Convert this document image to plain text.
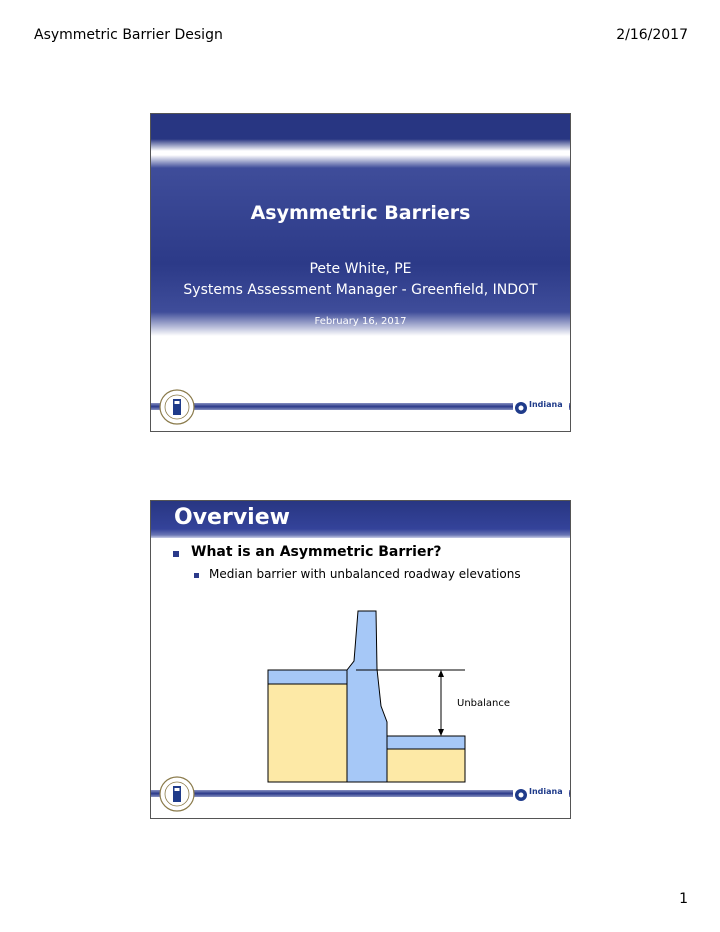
Asymmetric Barrier Design	2/16/2017
Asymmetric Barriers
Pete White, PE
Systems Assessment Manager - Greenfield, INDOT
February 16, 2017
Indiana
Overview
What is an Asymmetric Barrier?
Median barrier with unbalanced roadway elevations
Unbalance
Indiana
1
